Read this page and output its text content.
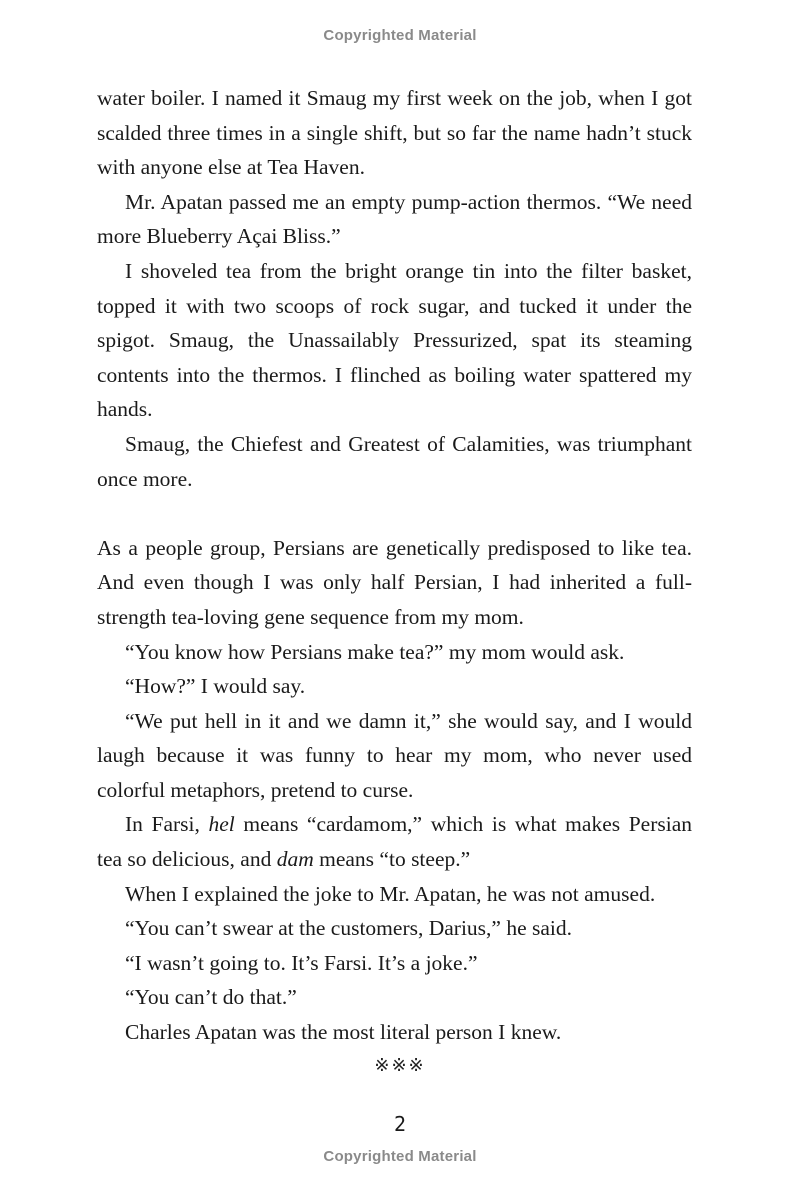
Copyrighted Material

water boiler. I named it Smaug my first week on the job, when I got scalded three times in a single shift, but so far the name hadn’t stuck with anyone else at Tea Haven.

Mr. Apatan passed me an empty pump-action thermos. “We need more Blueberry Açai Bliss.”

I shoveled tea from the bright orange tin into the filter basket, topped it with two scoops of rock sugar, and tucked it under the spigot. Smaug, the Unassailably Pressurized, spat its steaming contents into the thermos. I flinched as boiling water spattered my hands.

Smaug, the Chiefest and Greatest of Calamities, was triumphant once more.

As a people group, Persians are genetically predisposed to like tea. And even though I was only half Persian, I had inherited a full-strength tea-loving gene sequence from my mom.

“You know how Persians make tea?” my mom would ask.

“How?” I would say.

“We put hell in it and we damn it,” she would say, and I would laugh because it was funny to hear my mom, who never used colorful metaphors, pretend to curse.

In Farsi, hel means “cardamom,” which is what makes Persian tea so delicious, and dam means “to steep.”

When I explained the joke to Mr. Apatan, he was not amused.

“You can’t swear at the customers, Darius,” he said.

“I wasn’t going to. It’s Farsi. It’s a joke.”

“You can’t do that.”

Charles Apatan was the most literal person I knew.

※※※
2
Copyrighted Material
